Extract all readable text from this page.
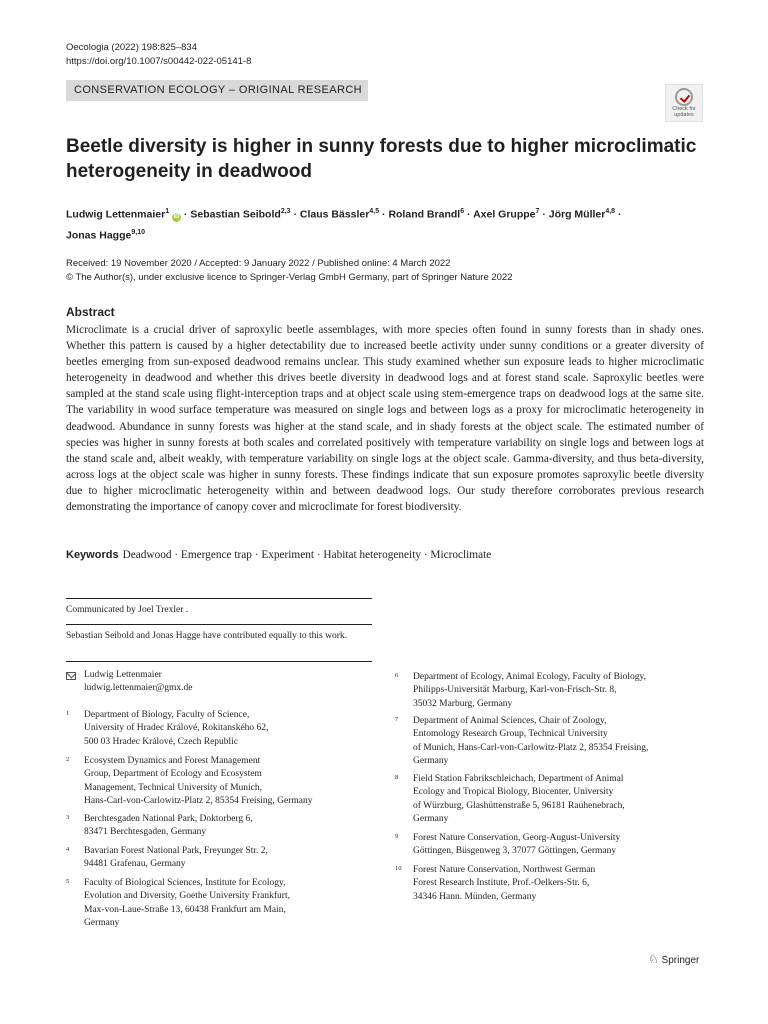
Oecologia (2022) 198:825–834
https://doi.org/10.1007/s00442-022-05141-8
CONSERVATION ECOLOGY – ORIGINAL RESEARCH
Check for
updates
Beetle diversity is higher in sunny forests due to higher microclimatic
heterogeneity in deadwood
Ludwig Lettenmaier$^1$ iD · Sebastian Seibold$^{2,3}$ · Claus Bässler$^{4,5}$ · Roland Brandl$^6$ · Axel Gruppe$^7$ · Jörg Müller$^{4,8}$ ·
Jonas Hagge$^{9,10}$
Received: 19 November 2020 / Accepted: 9 January 2022 / Published online: 4 March 2022
© The Author(s), under exclusive licence to Springer-Verlag GmbH Germany, part of Springer Nature 2022
Abstract
Microclimate is a crucial driver of saproxylic beetle assemblages, with more species often found in sunny forests than in shady ones. Whether this pattern is caused by a higher detectability due to increased beetle activity under sunny conditions or a greater diversity of beetles emerging from sun-exposed deadwood remains unclear. This study examined whether sun exposure leads to higher microclimatic heterogeneity in deadwood and whether this drives beetle diversity in deadwood logs and at forest stand scale. Saproxylic beetles were sampled at the stand scale using flight-interception traps and at object scale using stem-emergence traps on deadwood logs at the same site. The variability in wood surface temperature was measured on single logs and between logs as a proxy for microclimatic heterogeneity in deadwood. Abundance in sunny forests was higher at the stand scale, and in shady forests at the object scale. The estimated number of species was higher in sunny forests at both scales and correlated positively with temperature variability on single logs and between logs at the stand scale and, albeit weakly, with temperature variability on single logs at the object scale. Gamma-diversity, and thus beta-diversity, across logs at the object scale was higher in sunny forests. These findings indicate that sun exposure promotes saproxylic beetle diversity due to higher microclimatic heterogeneity within and between deadwood logs. Our study therefore corroborates previous research demonstrating the importance of canopy cover and microclimate for forest biodiversity.
Keywords Deadwood · Emergence trap · Experiment · Habitat heterogeneity · Microclimate
Communicated by Joel Trexler .
Sebastian Seibold and Jonas Hagge have contributed equally to this work.
Ludwig Lettenmaier
ludwig.lettenmaier@gmx.de
1 Department of Biology, Faculty of Science,
University of Hradec Králové, Rokitanského 62,
500 03 Hradec Králové, Czech Republic
2 Ecosystem Dynamics and Forest Management
Group, Department of Ecology and Ecosystem
Management, Technical University of Munich,
Hans-Carl-von-Carlowitz-Platz 2, 85354 Freising, Germany
3 Berchtesgaden National Park, Doktorberg 6,
83471 Berchtesgaden, Germany
4 Bavarian Forest National Park, Freyunger Str. 2,
94481 Grafenau, Germany
5 Faculty of Biological Sciences, Institute for Ecology,
Evolution and Diversity, Goethe University Frankfurt,
Max-von-Laue-Straße 13, 60438 Frankfurt am Main,
Germany
6 Department of Ecology, Animal Ecology, Faculty of Biology,
Philipps-Universität Marburg, Karl-von-Frisch-Str. 8,
35032 Marburg, Germany
7 Department of Animal Sciences, Chair of Zoology,
Entomology Research Group, Technical University
of Munich, Hans-Carl-von-Carlowitz-Platz 2, 85354 Freising,
Germany
8 Field Station Fabrikschleichach, Department of Animal
Ecology and Tropical Biology, Biocenter, University
of Würzburg, Glashüttenstraße 5, 96181 Rauhenebrach,
Germany
9 Forest Nature Conservation, Georg-August-University
Göttingen, Büsgenweg 3, 37077 Göttingen, Germany
10 Forest Nature Conservation, Northwest German
Forest Research Institute, Prof.-Oelkers-Str. 6,
34346 Hann. Münden, Germany
♘ Springer
